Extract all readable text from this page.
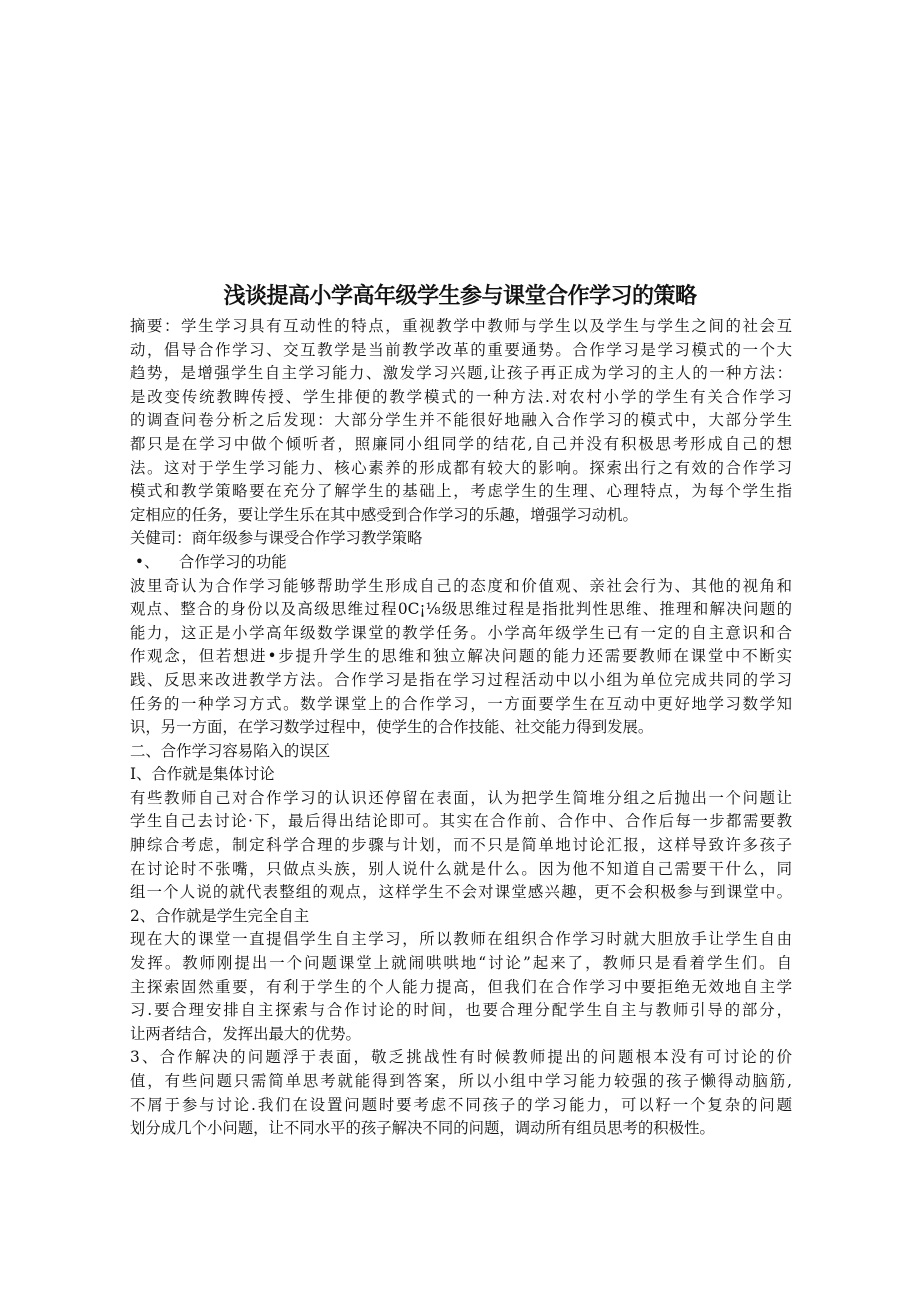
浅谈提高小学高年级学生参与课堂合作学习的策略
摘要：学生学习具有互动性的特点，重视教学中教师与学生以及学生与学生之间的社会互
动，倡导合作学习、交互教学是当前教学改革的重要通势。合作学习是学习模式的一个大
趋势，是增强学生自主学习能力、激发学习兴题,让孩子再正成为学习的主人的一种方法：
是改变传统教睥传授、学生排便的教学模式的一种方法.对农村小学的学生有关合作学习
的调查问卷分析之后发现：大部分学生并不能很好地融入合作学习的模式中，大部分学生
都只是在学习中做个倾听者，照廉同小组同学的结花,自己并没有积极思考形成自己的想
法。这对于学生学习能力、核心素养的形成都有较大的影响。探索出行之有效的合作学习
模式和教学策略要在充分了解学生的基础上，考虑学生的生理、心理特点，为每个学生指
定相应的任务，要让学生乐在其中感受到合作学习的乐趣，增强学习动机。
关健司：商年级参与课受合作学习教学策略
•、    合作学习的功能
波里奇认为合作学习能够帮助学生形成自己的态度和价值观、亲社会行为、其他的视角和
观点、整合的身份以及高级思维过程0C¡⅛级思维过程是指批判性思维、推理和解决问题的
能力，这正是小学高年级数学课堂的教学任务。小学高年级学生已有一定的自主意识和合
作观念，但若想进•步提升学生的思维和独立解决问题的能力还需要教师在课堂中不断实
践、反思来改进教学方法。合作学习是指在学习过程活动中以小组为单位完成共同的学习
任务的一种学习方式。数学课堂上的合作学习，一方面要学生在互动中更好地学习数学知
识，另一方面，在学习数学过程中，使学生的合作技能、社交能力得到发展。
二、合作学习容易陷入的误区
I、合作就是集体讨论
有些教师自己对合作学习的认识还停留在表面，认为把学生简堆分组之后抛出一个问题让
学生自己去讨论·下，最后得出结论即可。其实在合作前、合作中、合作后每一步都需要教
胂综合考虑，制定科学合理的步骤与计划，而不只是简单地讨论汇报，这样导致许多孩子
在讨论时不张嘴，只做点头族，别人说什么就是什么。因为他不知道自己需要干什么，同
组一个人说的就代表整组的观点，这样学生不会对课堂感兴趣，更不会积极参与到课堂中。
2、合作就是学生完全自主
现在大的课堂一直提倡学生自主学习，所以教师在组织合作学习时就大胆放手让学生自由
发挥。教师刚提出一个问题课堂上就闹哄哄地“讨论”起来了，教师只是看着学生们。自
主探索固然重要，有利于学生的个人能力提高，但我们在合作学习中要拒绝无效地自主学
习.要合理安排自主探索与合作讨论的时间，也要合理分配学生自主与教师引导的部分，
让两者结合，发挥出最大的优势。
3、合作解决的问题浮于表面，敬乏挑战性有时候教师提出的问题根本没有可讨论的价
值，有些问题只需简单思考就能得到答案，所以小组中学习能力较强的孩子懒得动脑筋,
不屑于参与讨论.我们在设置问题时要考虑不同孩子的学习能力，可以籽一个复杂的问题
划分成几个小问题，让不同水平的孩子解决不同的问题，调动所有组员思考的积极性。
